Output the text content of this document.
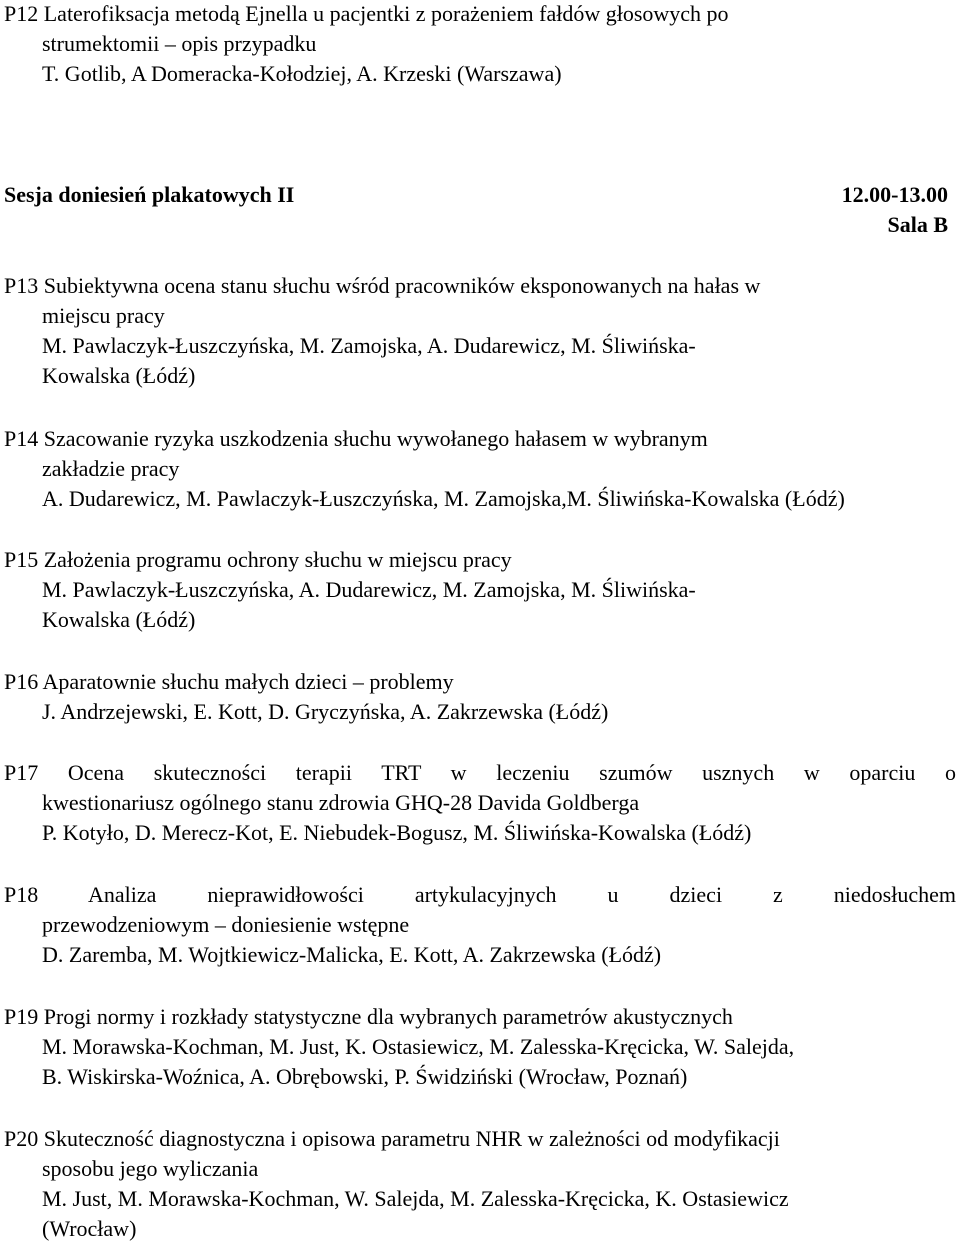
P12 Laterofiksacja metodą Ejnella u pacjentki z porażeniem fałdów głosowych po
strumektomii – opis przypadku
T. Gotlib, A Domeracka-Kołodziej, A. Krzeski (Warszawa)
Sesja doniesień plakatowych II	12.00-13.00
Sala B
P13 Subiektywna ocena stanu słuchu wśród pracowników eksponowanych na hałas w
miejscu pracy
M. Pawlaczyk-Łuszczyńska, M. Zamojska, A. Dudarewicz, M. Śliwińska-
Kowalska (Łódź)
P14 Szacowanie ryzyka uszkodzenia słuchu wywołanego hałasem w wybranym
zakładzie pracy
A. Dudarewicz, M. Pawlaczyk-Łuszczyńska, M. Zamojska,M. Śliwińska-Kowalska (Łódź)
P15 Założenia programu ochrony słuchu w miejscu pracy
M. Pawlaczyk-Łuszczyńska, A. Dudarewicz, M. Zamojska, M. Śliwińska-
Kowalska (Łódź)
P16 Aparatownie słuchu małych dzieci – problemy
J. Andrzejewski, E. Kott, D. Gryczyńska, A. Zakrzewska (Łódź)
P17 Ocena skuteczności terapii TRT w leczeniu szumów usznych w oparciu o
kwestionariusz ogólnego stanu zdrowia GHQ-28 Davida Goldberga
P. Kotyło, D. Merecz-Kot, E. Niebudek-Bogusz, M. Śliwińska-Kowalska (Łódź)
P18 Analiza nieprawidłowości artykulacyjnych u dzieci z niedosłuchem
przewodzeniowym – doniesienie wstępne
D. Zaremba, M. Wojtkiewicz-Malicka, E. Kott, A. Zakrzewska (Łódź)
P19 Progi normy i rozkłady statystyczne dla wybranych parametrów akustycznych
M. Morawska-Kochman, M. Just, K. Ostasiewicz, M. Zalesska-Kręcicka, W. Salejda,
B. Wiskirska-Woźnica, A. Obrębowski, P. Świdziński (Wrocław, Poznań)
P20 Skuteczność diagnostyczna i opisowa parametru NHR w zależności od modyfikacji
sposobu jego wyliczania
M. Just, M. Morawska-Kochman, W. Salejda, M. Zalesska-Kręcicka, K. Ostasiewicz
(Wrocław)
